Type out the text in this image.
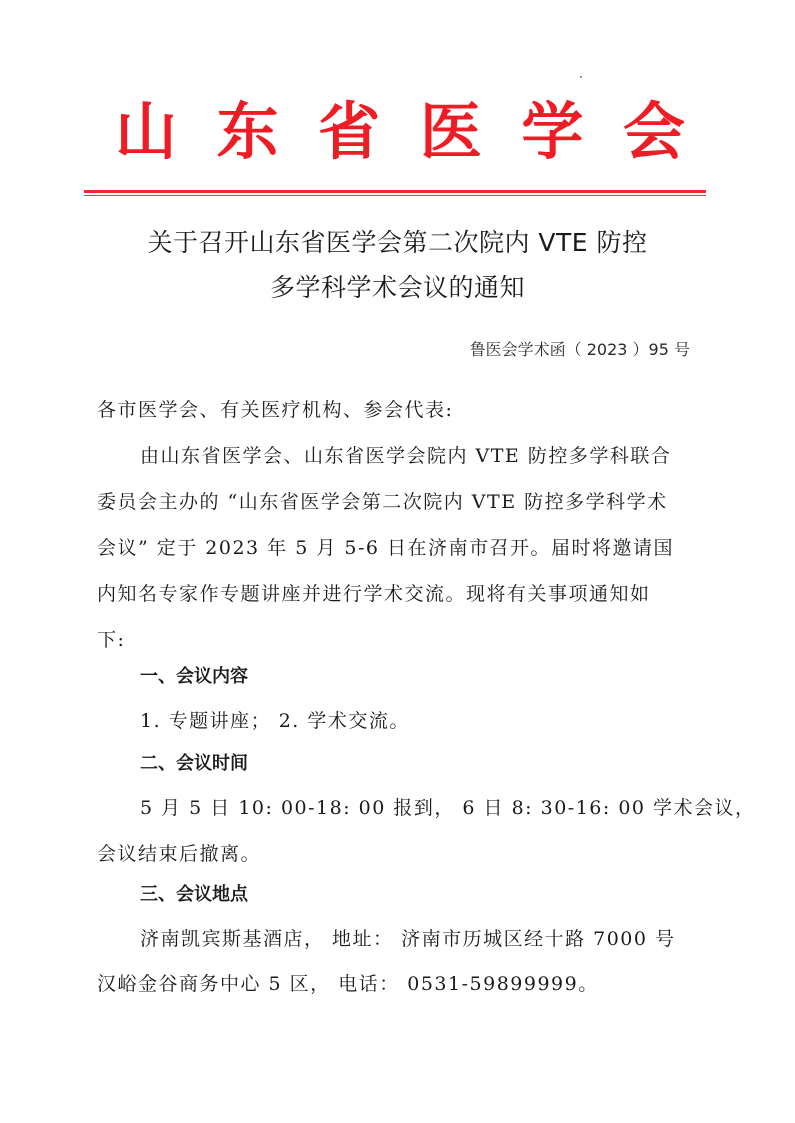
山 东 省 医 学 会
关于召开山东省医学会第二次院内 VTE 防控
多学科学术会议的通知
鲁医会学术函（ 2023 ）95 号
各市医学会、有关医疗机构、参会代表:
由山东省医学会、山东省医学会院内 VTE 防控多学科联合
委员会主办的 “山东省医学会第二次院内 VTE 防控多学科学术
会议” 定于 2023 年 5 月 5-6 日在济南市召开。届时将邀请国
内知名专家作专题讲座并进行学术交流。现将有关事项通知如
下:
一、会议内容
1. 专题讲座； 2. 学术交流。
二、会议时间
5 月 5 日 10: 00-18: 00 报到， 6 日 8: 30-16: 00 学术会议，
会议结束后撤离。
三、会议地点
济南凯宾斯基酒店， 地址： 济南市历城区经十路 7000 号
汉峪金谷商务中心 5 区， 电话： 0531-59899999。
